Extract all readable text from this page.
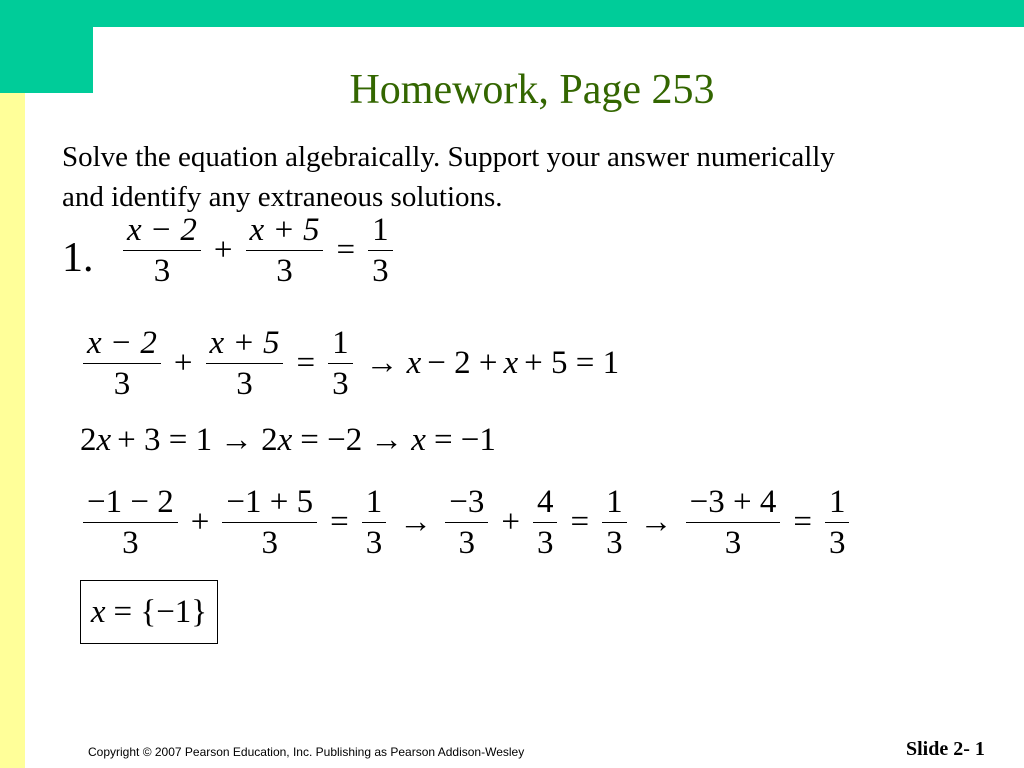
Homework, Page 253
Solve the equation algebraically. Support your answer numerically
and identify any extraneous solutions.
1. $\frac{x - 2}{3} + \frac{x + 5}{3} = \frac{1}{3}$
$\frac{x - 2}{3} + \frac{x + 5}{3} = \frac{1}{3} \to x - 2 + x + 5 = 1$
2 x + 3 = 1 → 2 x = −2 → x = −1
$\frac{-1 - 2}{3} + \frac{-1 + 5}{3} = \frac{1}{3} \to \frac{-3}{3} + \frac{4}{3} = \frac{1}{3} \to \frac{-3 + 4}{3} = \frac{1}{3}$
x = {−1}
Copyright © 2007 Pearson Education, Inc. Publishing as Pearson Addison-Wesley	Slide 2- 1
